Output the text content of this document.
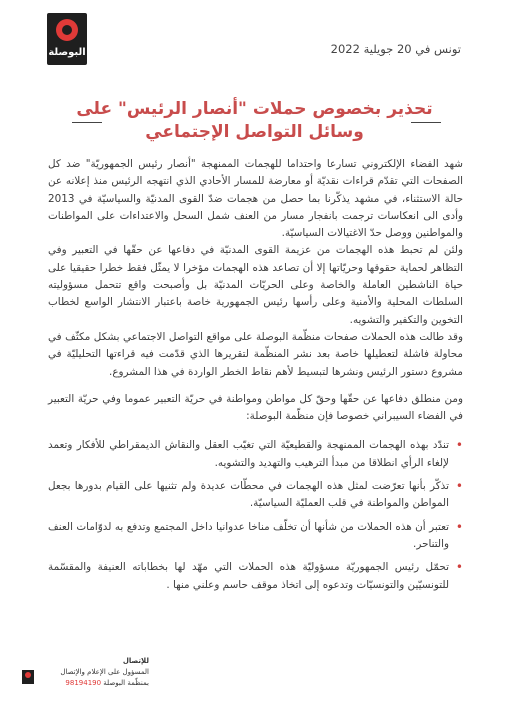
البوصلة	تونس في 20 جويلية 2022
تحذير بخصوص حملات "أنصار الرئيس" على
وسائل التواصل الإجتماعي

شهد الفضاء الإلكتروني تسارعا واحتداما للهجمات الممنهجة "أنصار رئيس الجمهوريّة" ضد كل الصفحات التي تقدّم قراءات نقديّة أو معارضة للمسار الأحادي الذي انتهجه الرئيس منذ إعلانه عن حالة الاستثناء، في مشهد يذكّرنا بما حصل من هجمات ضدّ القوى المدنيّة والسياسيّة في 2013 وأدى الى انعكاسات ترجمت بانفجار مسار من العنف شمل السحل والاعتداءات على المواطنات والمواطنين ووصل حدّ الاغتيالات السياسيّة.

ولئن لم تحبط هذه الهجمات من عزيمة القوى المدنيّة في دفاعها عن حقّها في التعبير وفي التظاهر لحماية حقوقها وحريّاتها إلا أن تصاعد هذه الهجمات مؤخرا لا يمثّل فقط خطرا حقيقيا على حياة الناشطين العاملة والخاصة وعلى الحريّات المدنيّة بل وأصبحت واقع تتحمل مسؤوليته السلطات المحلية والأمنية وعلى رأسها رئيس الجمهورية خاصة باعتبار الانتشار الواسع لخطاب التخوين والتكفير والتشويه.

وقد طالت هذه الحملات صفحات منظّمة البوصلة على مواقع التواصل الاجتماعي بشكل مكثّف في محاولة فاشلة لتعطيلها خاصة بعد نشر المنظّمة لتقريرها الذي قدّمت فيه قراءتها التحليليّة في مشروع دستور الرئيس ونشرها لتبسيط لأهم نقاط الخطر الواردة في هذا المشروع.

ومن منطلق دفاعها عن حقّها وحقّ كل مواطن ومواطنة في حريّة التعبير عموما وفي حريّة التعبير في الفضاء السيبراني خصوصا فإن منظّمة البوصلة:

• تندّد بهذه الهجمات الممنهجة والقطيعيّة التي تغيّب العقل والنقاش الديمقراطي للأفكار وتعمد لإلغاء الرأي انطلاقا من مبدأ الترهيب والتهديد والتشويه.
• تذكّر بأنها تعرّضت لمثل هذه الهجمات في محطّات عديدة ولم تثنيها على القيام بدورها بجعل المواطن والمواطنة في قلب العمليّة السياسيّة.
• تعتبر أن هذه الحملات من شأنها أن تخلّف مناخا عدوانيا داخل المجتمع وتدفع به لدوّامات العنف والتناحر.
• تحمّل رئيس الجمهوريّة مسؤوليّة هذه الحملات التي مهّد لها بخطاباته العنيفة والمقسّمة للتونسيّين والتونسيّات وتدعوه إلى اتخاذ موقف حاسم وعلني منها .
للإتصال
المسؤول على الإعلام والإتصال
بمنظّمة البوصلة 98194190
